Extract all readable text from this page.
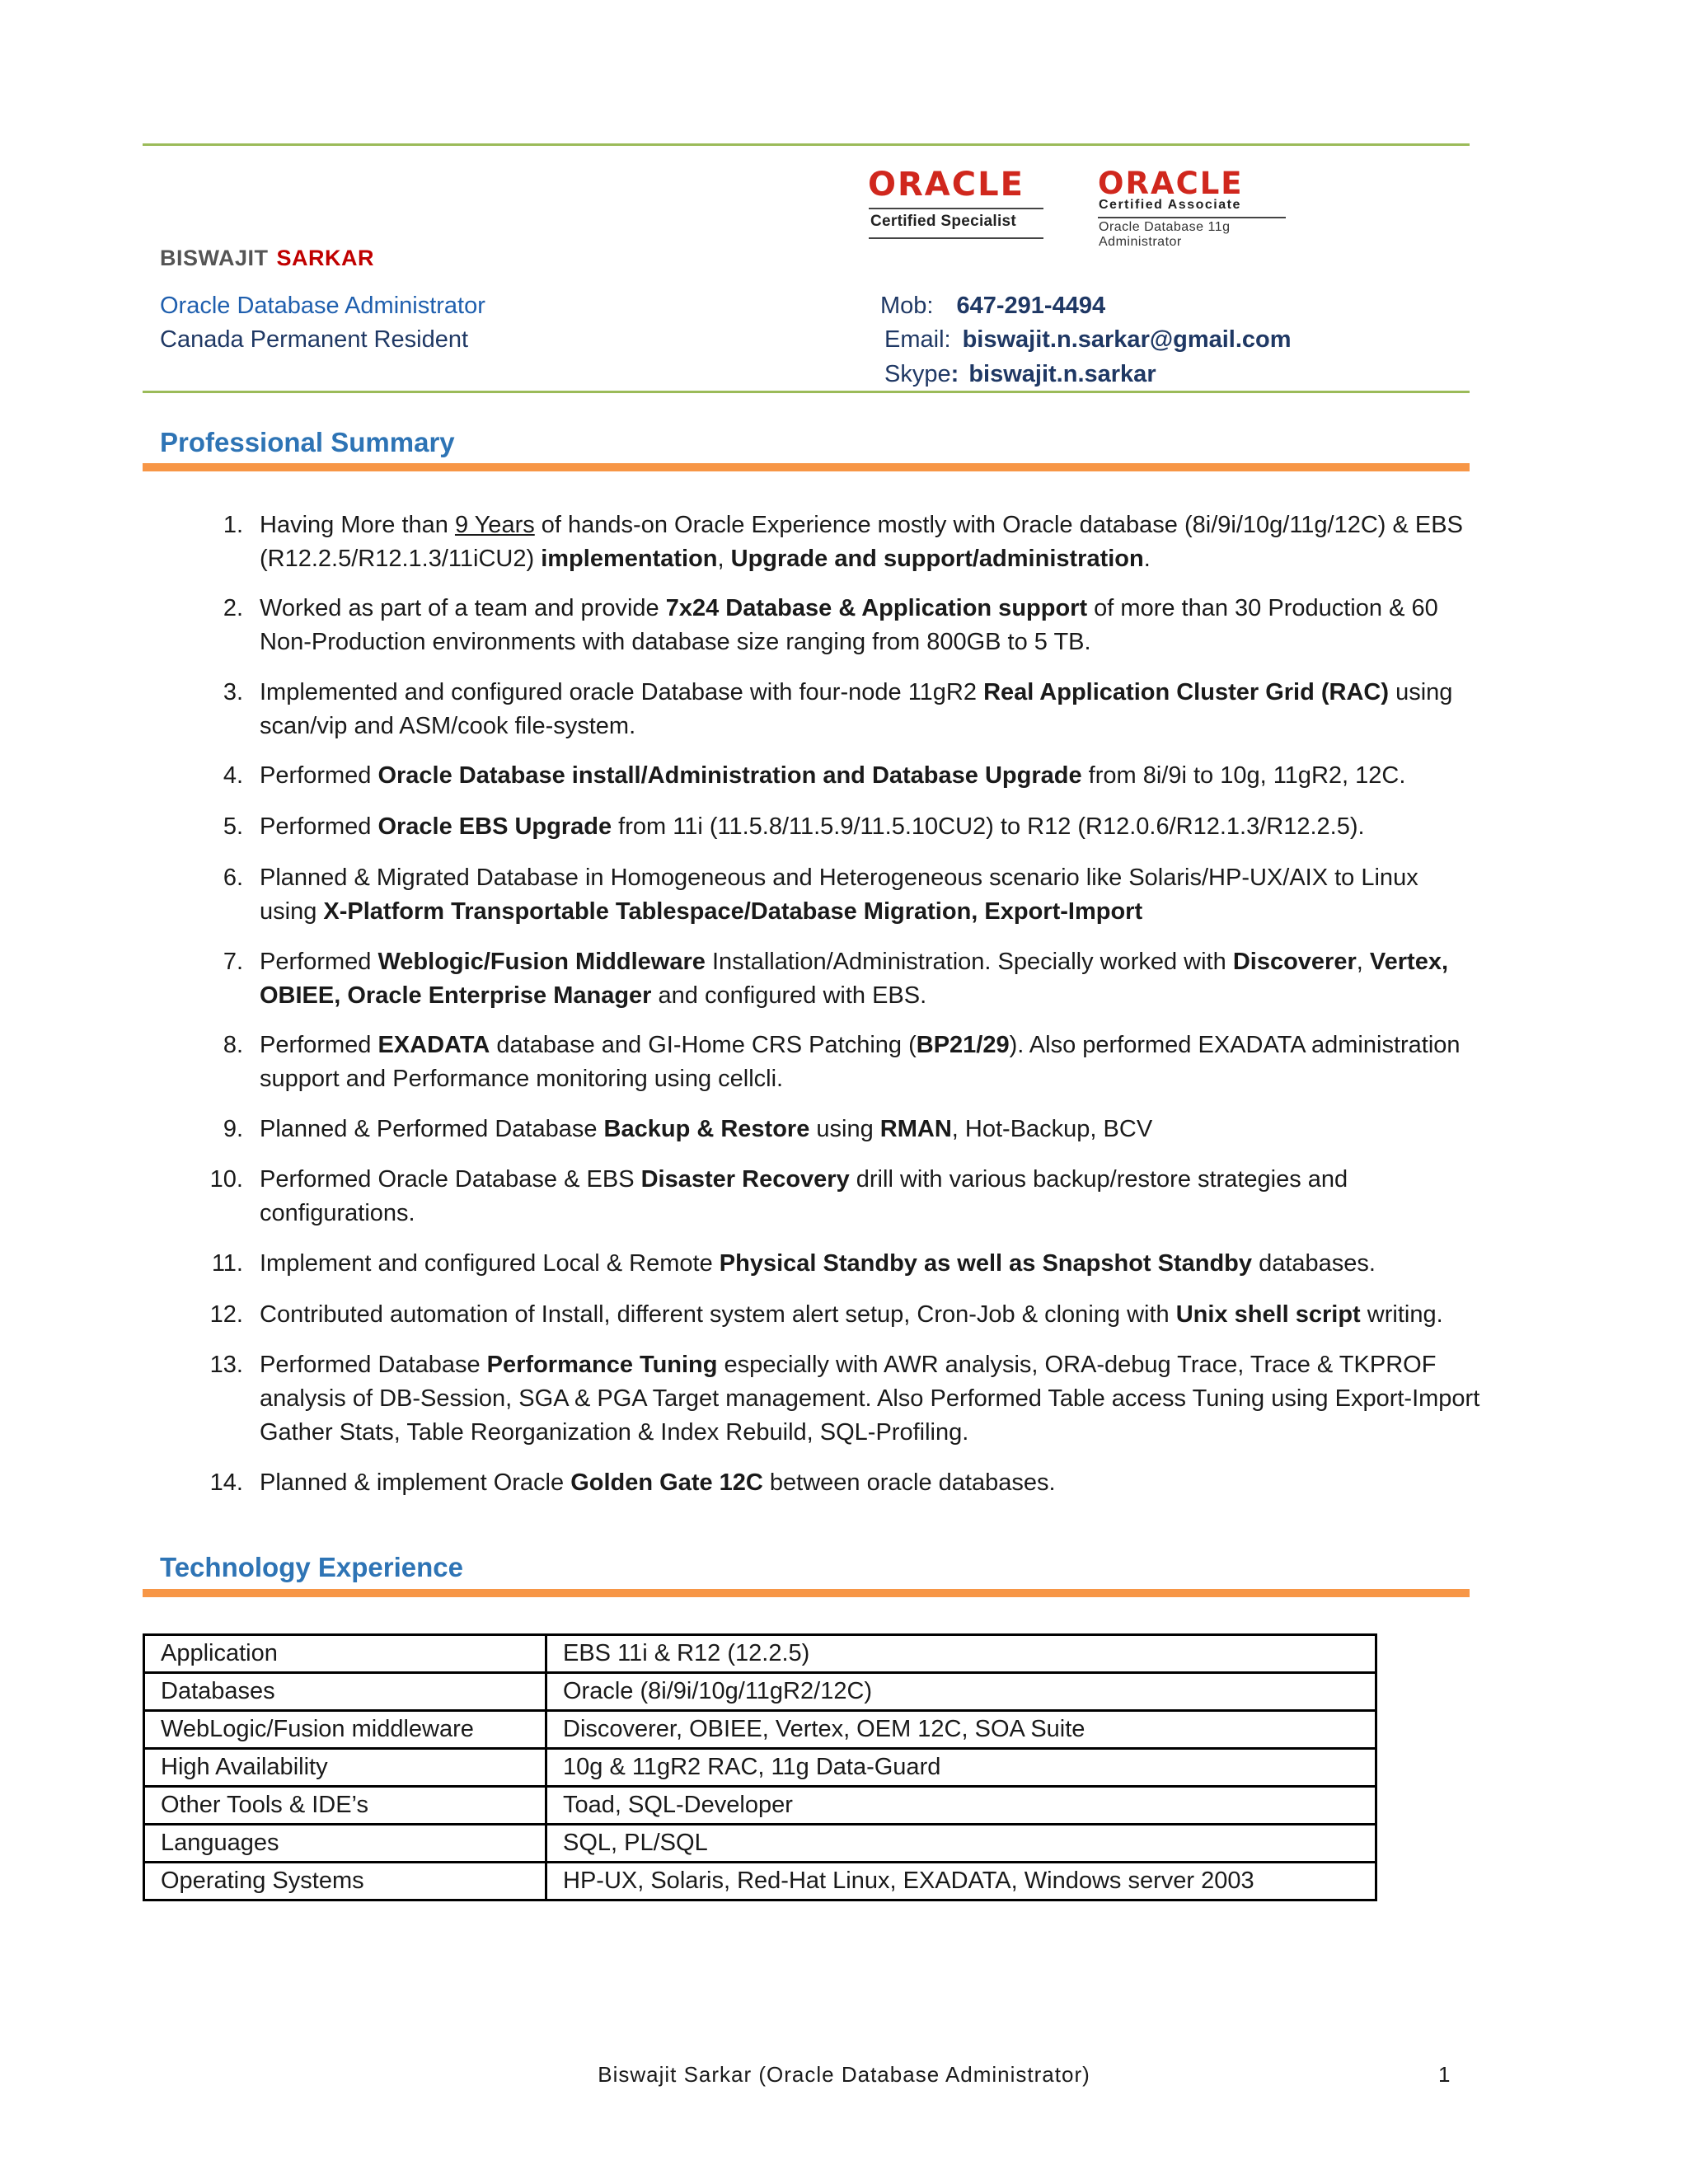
ORACLE
Certified Specialist
ORACLE
Certified Associate
Oracle Database 11g
Administrator
BISWAJIT SARKAR
Oracle Database Administrator
Canada Permanent Resident
Mob: 647-291-4494
Email: biswajit.n.sarkar@gmail.com
Skype: biswajit.n.sarkar
Professional Summary
1. Having More than 9 Years of hands-on Oracle Experience mostly with Oracle database (8i/9i/10g/11g/12C) & EBS
(R12.2.5/R12.1.3/11iCU2) implementation, Upgrade and support/administration.
2. Worked as part of a team and provide 7x24 Database & Application support of more than 30 Production & 60
Non-Production environments with database size ranging from 800GB to 5 TB.
3. Implemented and configured oracle Database with four-node 11gR2 Real Application Cluster Grid (RAC) using
scan/vip and ASM/cook file-system.
4. Performed Oracle Database install/Administration and Database Upgrade from 8i/9i to 10g, 11gR2, 12C.
5. Performed Oracle EBS Upgrade from 11i (11.5.8/11.5.9/11.5.10CU2) to R12 (R12.0.6/R12.1.3/R12.2.5).
6. Planned & Migrated Database in Homogeneous and Heterogeneous scenario like Solaris/HP-UX/AIX to Linux
using X-Platform Transportable Tablespace/Database Migration, Export-Import
7. Performed Weblogic/Fusion Middleware Installation/Administration. Specially worked with Discoverer, Vertex,
OBIEE, Oracle Enterprise Manager and configured with EBS.
8. Performed EXADATA database and GI-Home CRS Patching (BP21/29). Also performed EXADATA administration
support and Performance monitoring using cellcli.
9. Planned & Performed Database Backup & Restore using RMAN, Hot-Backup, BCV
10. Performed Oracle Database & EBS Disaster Recovery drill with various backup/restore strategies and
configurations.
11. Implement and configured Local & Remote Physical Standby as well as Snapshot Standby databases.
12. Contributed automation of Install, different system alert setup, Cron-Job & cloning with Unix shell script writing.
13. Performed Database Performance Tuning especially with AWR analysis, ORA-debug Trace, Trace & TKPROF
analysis of DB-Session, SGA & PGA Target management. Also Performed Table access Tuning using Export-Import
Gather Stats, Table Reorganization & Index Rebuild, SQL-Profiling.
14. Planned & implement Oracle Golden Gate 12C between oracle databases.
Technology Experience
Application	EBS 11i & R12 (12.2.5)
Databases	Oracle (8i/9i/10g/11gR2/12C)
WebLogic/Fusion middleware	Discoverer, OBIEE, Vertex, OEM 12C, SOA Suite
High Availability	10g & 11gR2 RAC, 11g Data-Guard
Other Tools & IDE’s	Toad, SQL-Developer
Languages	SQL, PL/SQL
Operating Systems	HP-UX, Solaris, Red-Hat Linux, EXADATA, Windows server 2003
Biswajit Sarkar (Oracle Database Administrator)	1
